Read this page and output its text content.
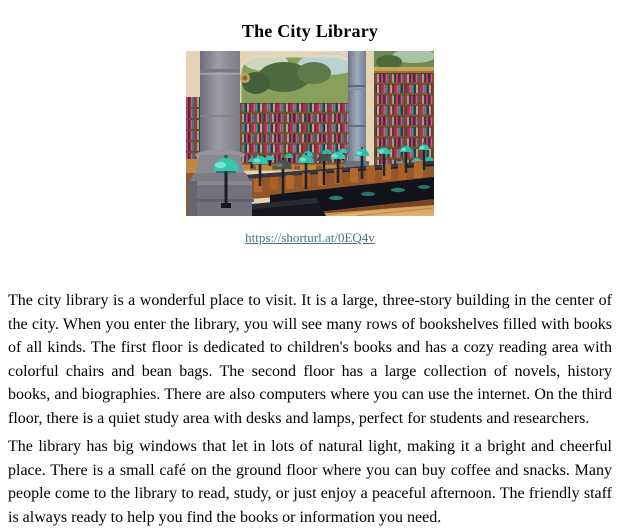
The City Library
https://shorturl.at/0EQ4v

The city library is a wonderful place to visit. It is a large, three-story building in the center of the city. When you enter the library, you will see many rows of bookshelves filled with books of all kinds. The first floor is dedicated to children's books and has a cozy reading area with colorful chairs and bean bags. The second floor has a large collection of novels, history books, and biographies. There are also computers where you can use the internet. On the third floor, there is a quiet study area with desks and lamps, perfect for students and researchers.

The library has big windows that let in lots of natural light, making it a bright and cheerful place. There is a small café on the ground floor where you can buy coffee and snacks. Many people come to the library to read, study, or just enjoy a peaceful afternoon. The friendly staff is always ready to help you find the books or information you need.
